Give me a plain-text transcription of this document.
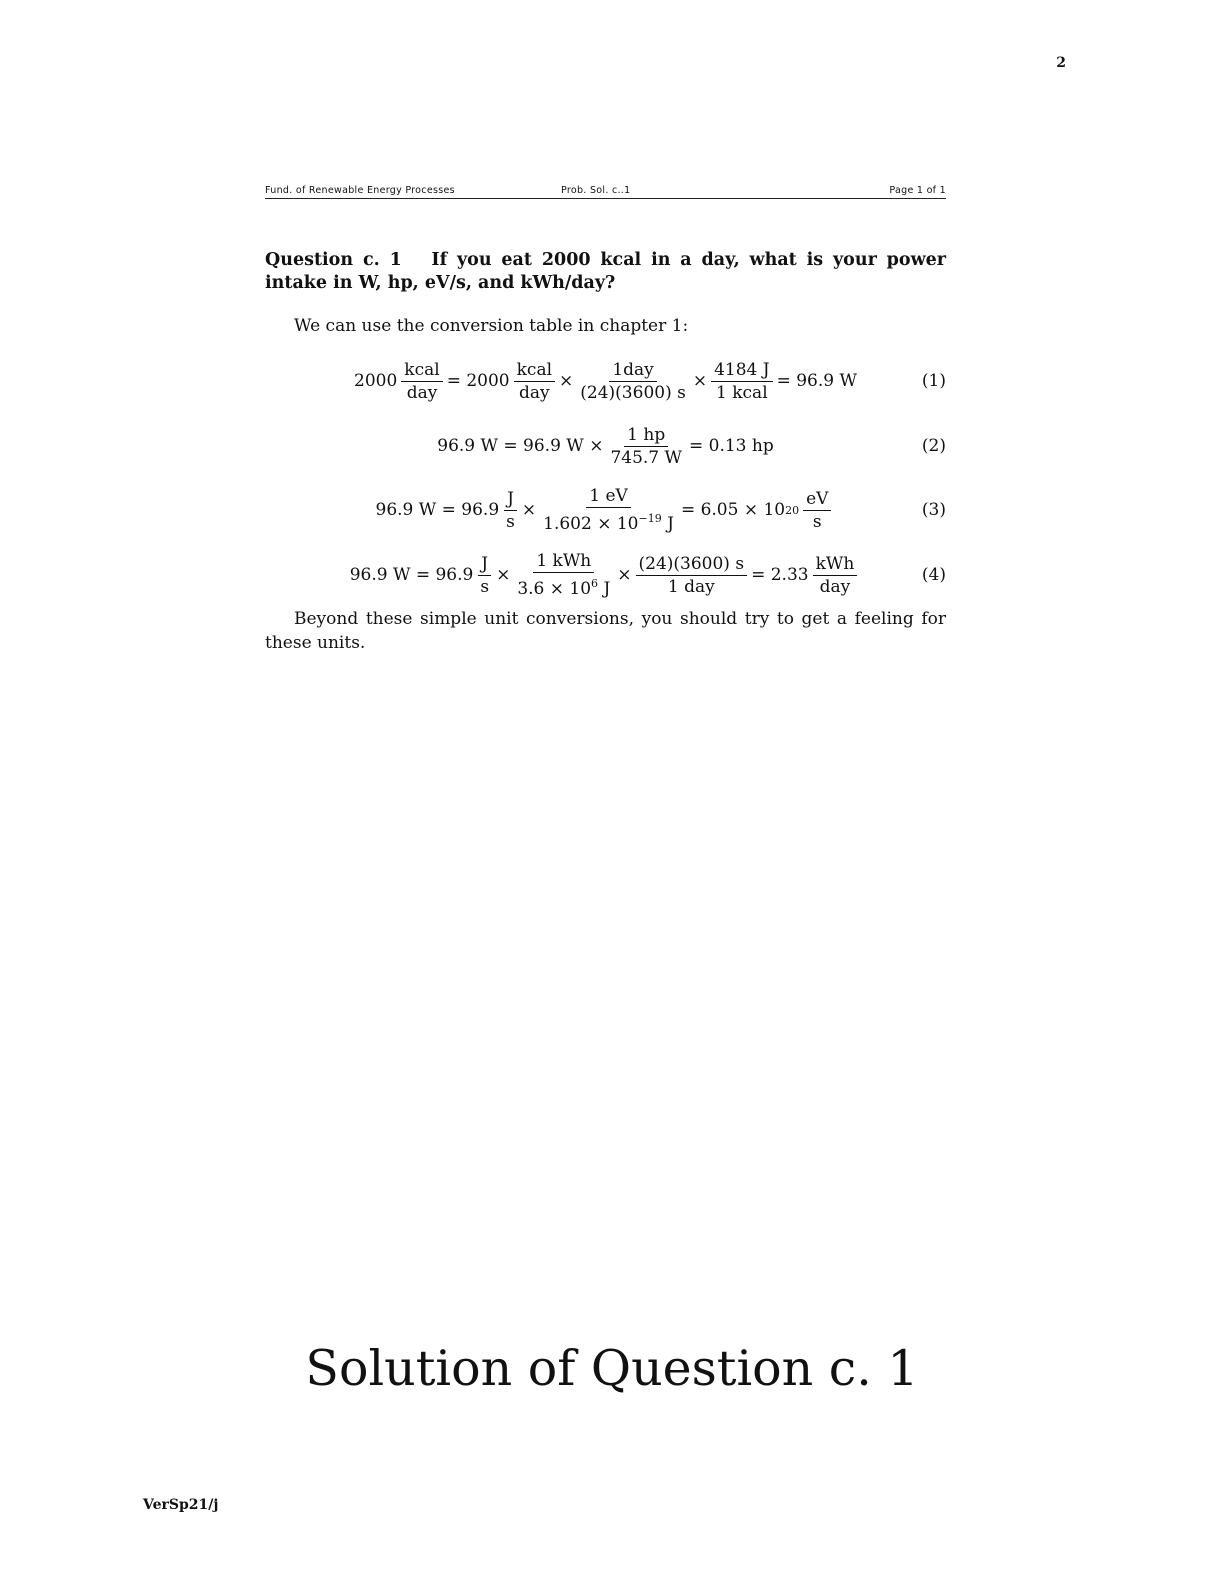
2
Fund. of Renewable Energy Processes	Prob. Sol. c..1	Page 1 of 1
Question c. 1 If you eat 2000 kcal in a day, what is your power intake in W, hp, eV/s, and kWh/day?
We can use the conversion table in chapter 1:
$2000 \frac{\text{kcal}}{\text{day}} = 2000 \frac{\text{kcal}}{\text{day}} \times \frac{\text{1day}}{(24)(3600) s} \times \frac{4184 J}{\text{1 kcal}} = 96.9$ W	(1)
96.9 W = 96.9 W
× $\frac{1 hp}{745.7 W} = 0.13$ hp	(2)
96.9 $W = 96.9 \frac{J}{s} \times \frac{1 eV}{1.602 \times 10^{-19} J} = 6.05 \times 10$ $20 \frac{eV}{s}$	(3)
96.9 $W = 96.9 \frac{J}{s} \times \frac{\text{1 kWh}}{3.6 \times 10^6 J} \times \frac{(24)(3600) s}{\text{1 day}} = 2.33 \frac{\text{kWh}}{\text{day}}$	(4)
Beyond these simple unit conversions, you should try to get a feeling for these units.
Solution of Question c. 1
VerSp21/j
